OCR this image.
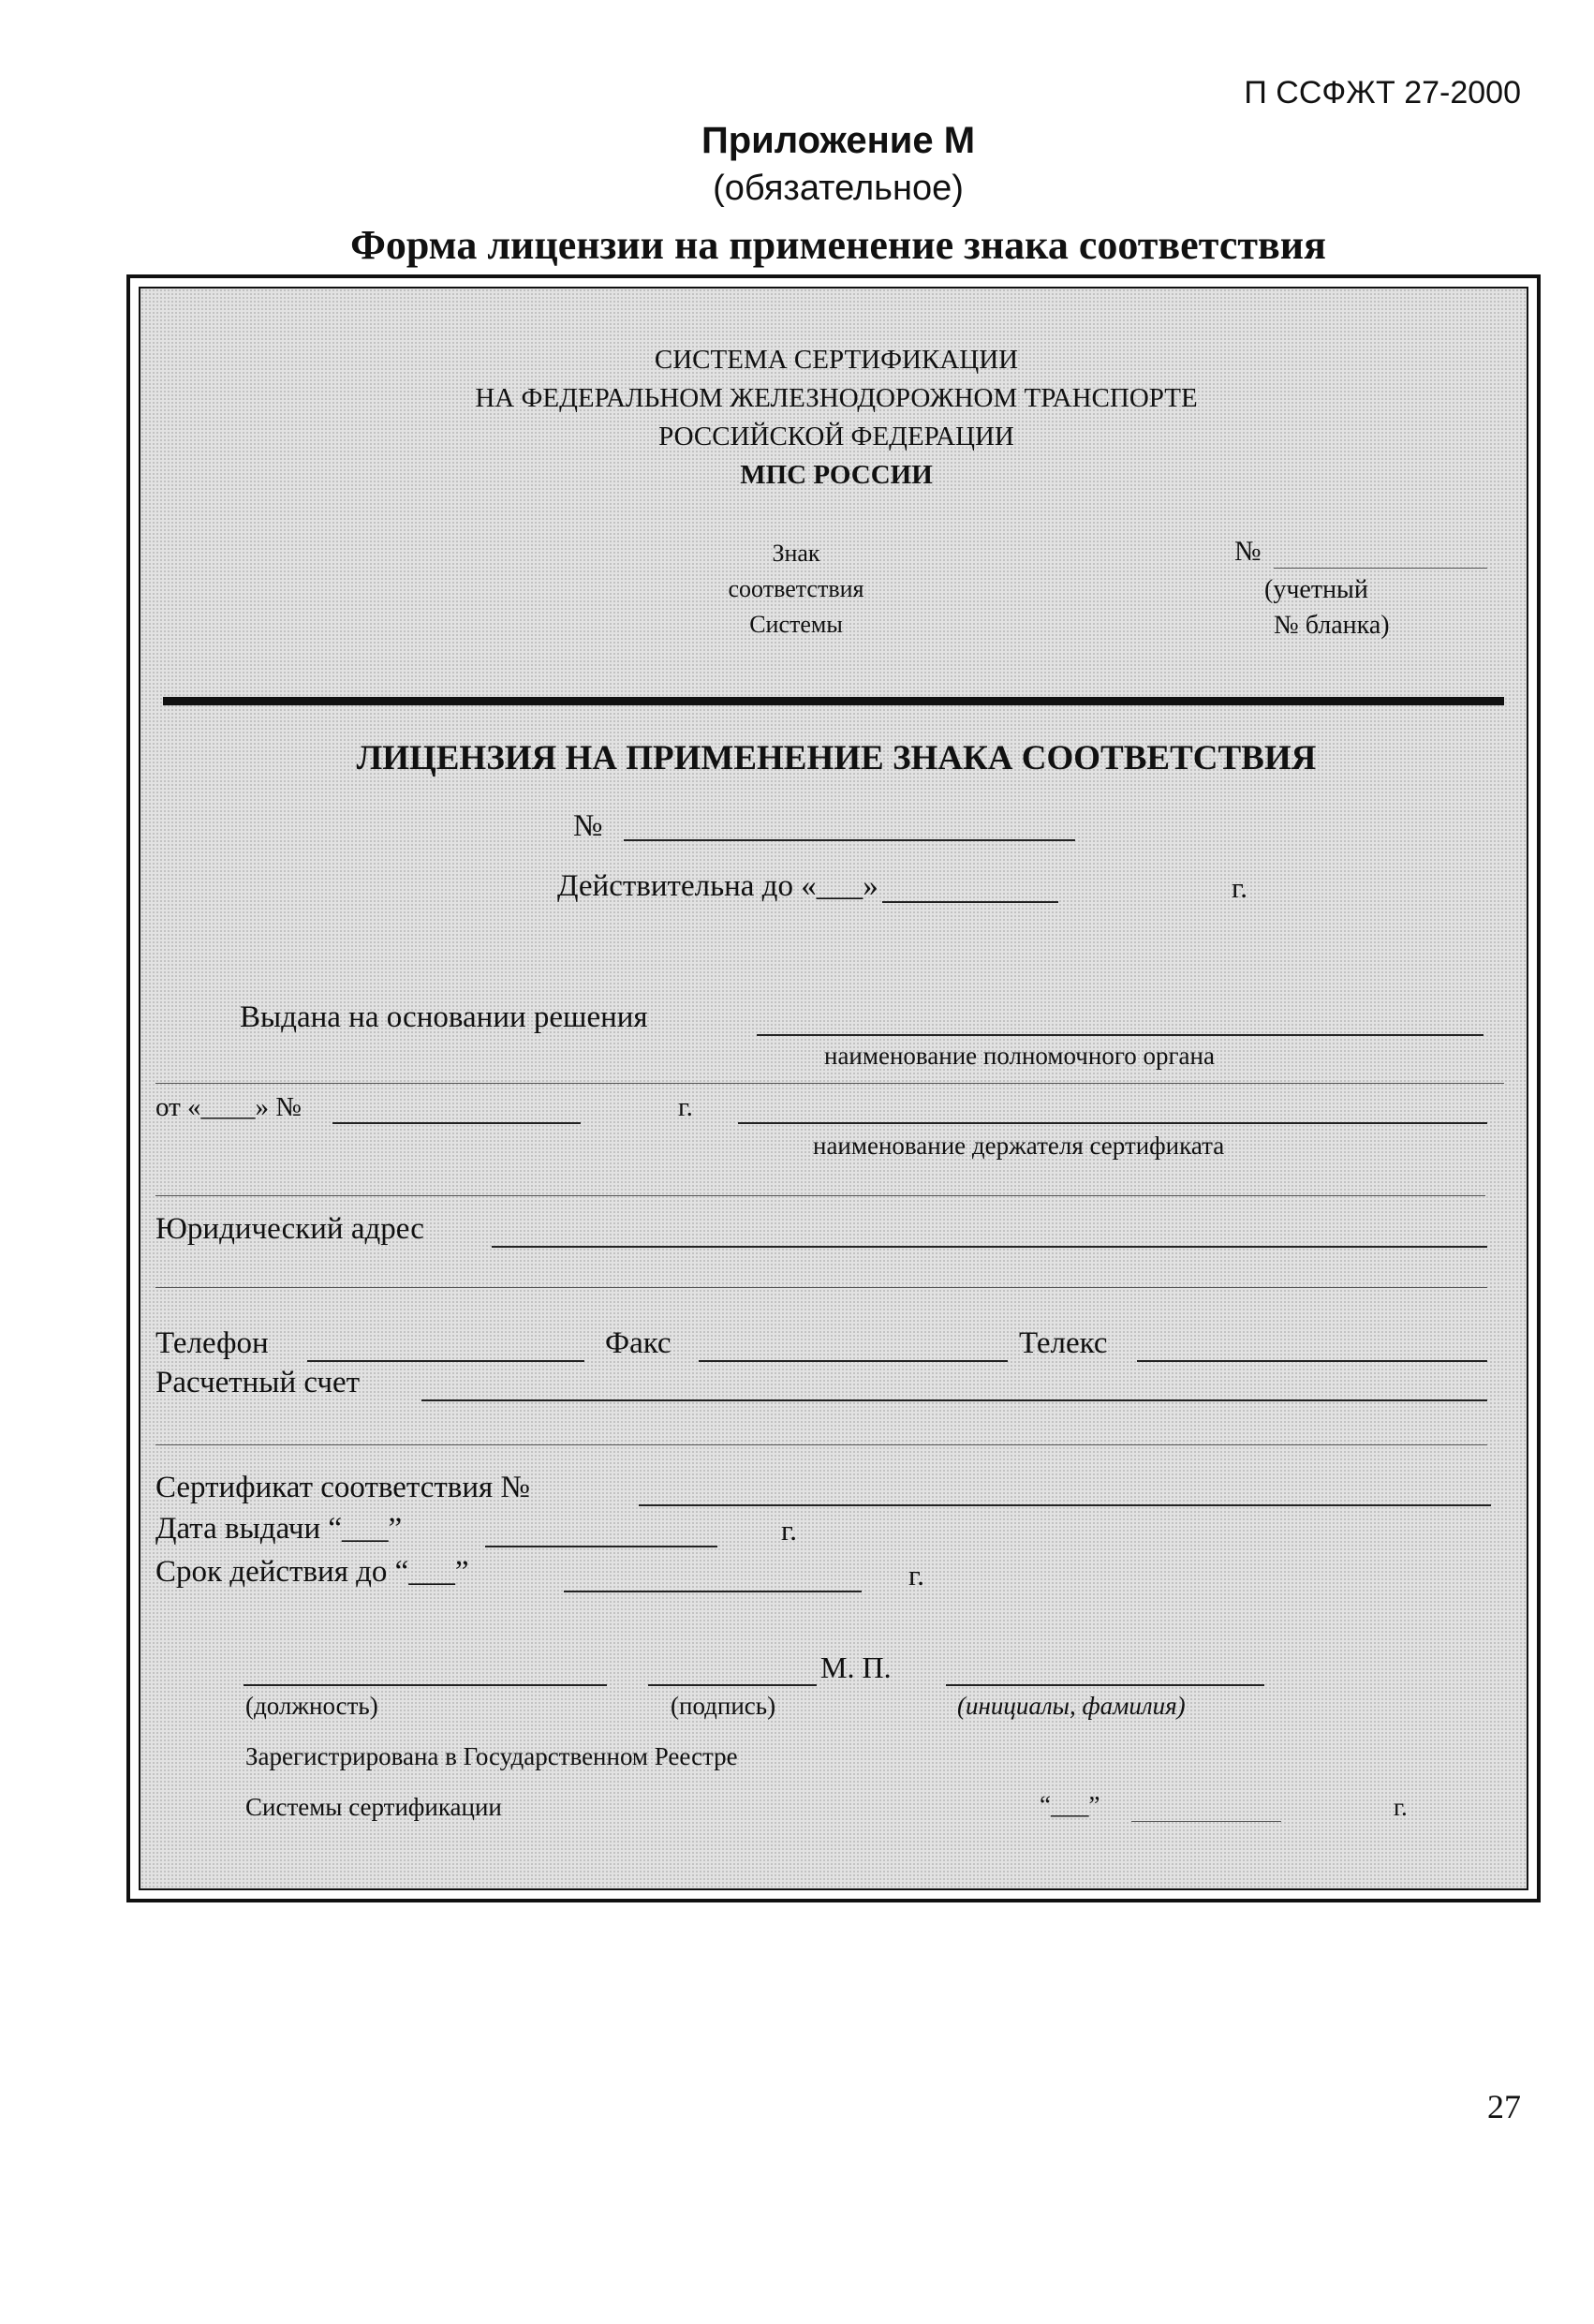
П ССФЖТ 27-2000
Приложение М
(обязательное)
Форма лицензии на применение знака соответствия
СИСТЕМА СЕРТИФИКАЦИИ
НА ФЕДЕРАЛЬНОМ ЖЕЛЕЗНОДОРОЖНОМ ТРАНСПОРТЕ
РОССИЙСКОЙ ФЕДЕРАЦИИ
МПС РОССИИ
Знак
соответствия
Системы
№
(учетный
№ бланка)
ЛИЦЕНЗИЯ НА ПРИМЕНЕНИЕ ЗНАКА СООТВЕТСТВИЯ
№
Действительна до «___»	г.
Выдана на основании решения
наименование полномочного органа
от «____» №	г.
наименование держателя сертификата
Юридический адрес
Телефон	Факс	Телекс
Расчетный счет
Сертификат соответствия №
Дата выдачи “___”	г.
Срок действия до “___”	г.
М. П.
(должность)	(подпись)	(инициалы, фамилия)
Зарегистрирована в Государственном Реестре
Системы сертификации	“___”	г.
27
